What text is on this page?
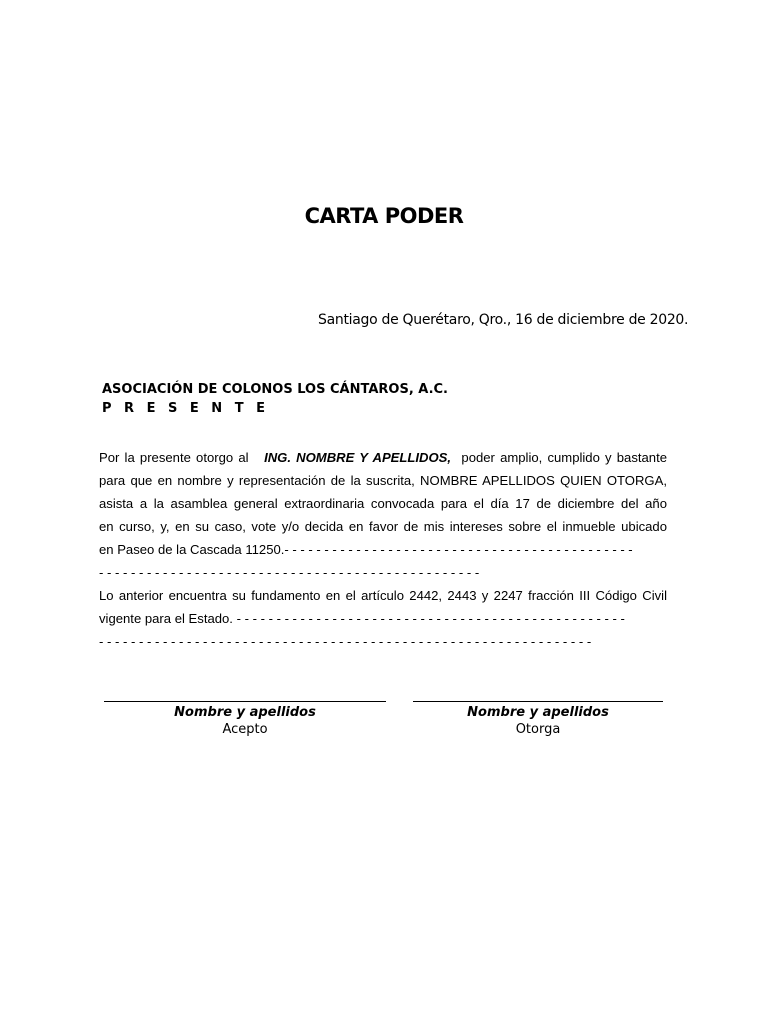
CARTA PODER
Santiago de Querétaro, Qro., 16 de diciembre de 2020.
ASOCIACIÓN DE COLONOS LOS CÁNTAROS, A.C.
P R E S E N T E
Por la presente otorgo al ING. NOMBRE Y APELLIDOS, poder amplio, cumplido y bastante
para que en nombre y representación de la suscrita, NOMBRE APELLIDOS QUIEN OTORGA,
asista a la asamblea general extraordinaria convocada para el día 17 de diciembre del año
en curso, y, en su caso, vote y/o decida en favor de mis intereses sobre el inmueble ubicado
en Paseo de la Cascada 11250.- - - - - - - - - - - - - - - - - - - - - - - - - - - - - - - - - - - - - - - - - - - -
- - - - - - - - - - - - - - - - - - - - - - - - - - - - - - - - - - - - - - - - - - - - - - - -
Lo anterior encuentra su fundamento en el artículo 2442, 2443 y 2247 fracción III Código Civil
vigente para el Estado. - - - - - - - - - - - - - - - - - - - - - - - - - - - - - - - - - - - - - - - - - - - - - - - - -
- - - - - - - - - - - - - - - - - - - - - - - - - - - - - - - - - - - - - - - - - - - - - - - - - - - - - - - - - - - - - -
Nombre y apellidos
Acepto
Nombre y apellidos
Otorga
